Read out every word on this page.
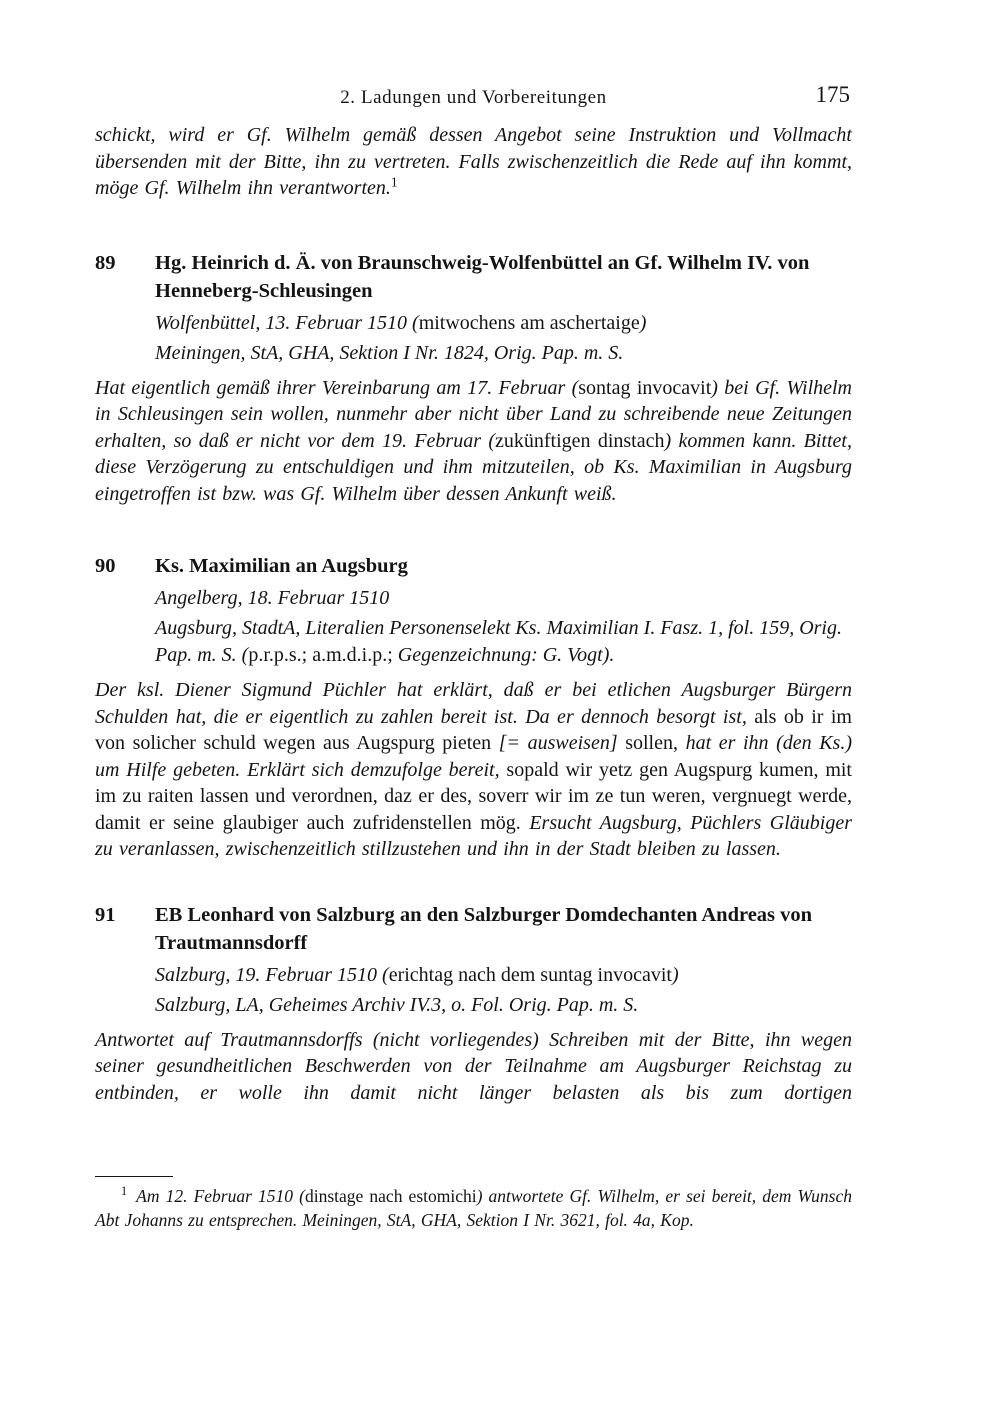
2. Ladungen und Vorbereitungen	175

schickt, wird er Gf. Wilhelm gemäß dessen Angebot seine Instruktion und Vollmacht übersenden mit der Bitte, ihn zu vertreten. Falls zwischenzeitlich die Rede auf ihn kommt, möge Gf. Wilhelm ihn verantworten.$^1$

89 Hg. Heinrich d. Ä. von Braunschweig-Wolfenbüttel an Gf. Wilhelm IV. von Henneberg-Schleusingen

Wolfenbüttel, 13. Februar 1510 (mitwochens am aschertaige)

Meiningen, StA, GHA, Sektion I Nr. 1824, Orig. Pap. m. S.

Hat eigentlich gemäß ihrer Vereinbarung am 17. Februar (sontag invocavit) bei Gf. Wilhelm in Schleusingen sein wollen, nunmehr aber nicht über Land zu schreibende neue Zeitungen erhalten, so daß er nicht vor dem 19. Februar (zukünftigen dinstach) kommen kann. Bittet, diese Verzögerung zu entschuldigen und ihm mitzuteilen, ob Ks. Maximilian in Augsburg eingetroffen ist bzw. was Gf. Wilhelm über dessen Ankunft weiß.

90 Ks. Maximilian an Augsburg

Angelberg, 18. Februar 1510

Augsburg, StadtA, Literalien Personenselekt Ks. Maximilian I. Fasz. 1, fol. 159, Orig. Pap. m. S. (p.r.p.s.; a.m.d.i.p.; Gegenzeichnung: G. Vogt).

Der ksl. Diener Sigmund Püchler hat erklärt, daß er bei etlichen Augsburger Bürgern Schulden hat, die er eigentlich zu zahlen bereit ist. Da er dennoch besorgt ist, als ob ir im von solicher schuld wegen aus Augspurg pieten [= ausweisen] sollen, hat er ihn (den Ks.) um Hilfe gebeten. Erklärt sich demzufolge bereit, sopald wir yetz gen Augspurg kumen, mit im zu raiten lassen und verordnen, daz er des, soverr wir im ze tun weren, vergnuegt werde, damit er seine glaubiger auch zufridenstellen mög. Ersucht Augsburg, Püchlers Gläubiger zu veranlassen, zwischenzeitlich stillzustehen und ihn in der Stadt bleiben zu lassen.

91 EB Leonhard von Salzburg an den Salzburger Domdechanten Andreas von Trautmannsdorff

Salzburg, 19. Februar 1510 (erichtag nach dem suntag invocavit)

Salzburg, LA, Geheimes Archiv IV.3, o. Fol. Orig. Pap. m. S.

Antwortet auf Trautmannsdorffs (nicht vorliegendes) Schreiben mit der Bitte, ihn wegen seiner gesundheitlichen Beschwerden von der Teilnahme am Augsburger Reichstag zu entbinden, er wolle ihn damit nicht länger belasten als bis zum dortigen

$^1$ Am 12. Februar 1510 (dinstage nach estomichi) antwortete Gf. Wilhelm, er sei bereit, dem Wunsch Abt Johanns zu entsprechen. Meiningen, StA, GHA, Sektion I Nr. 3621, fol. 4a, Kop.
